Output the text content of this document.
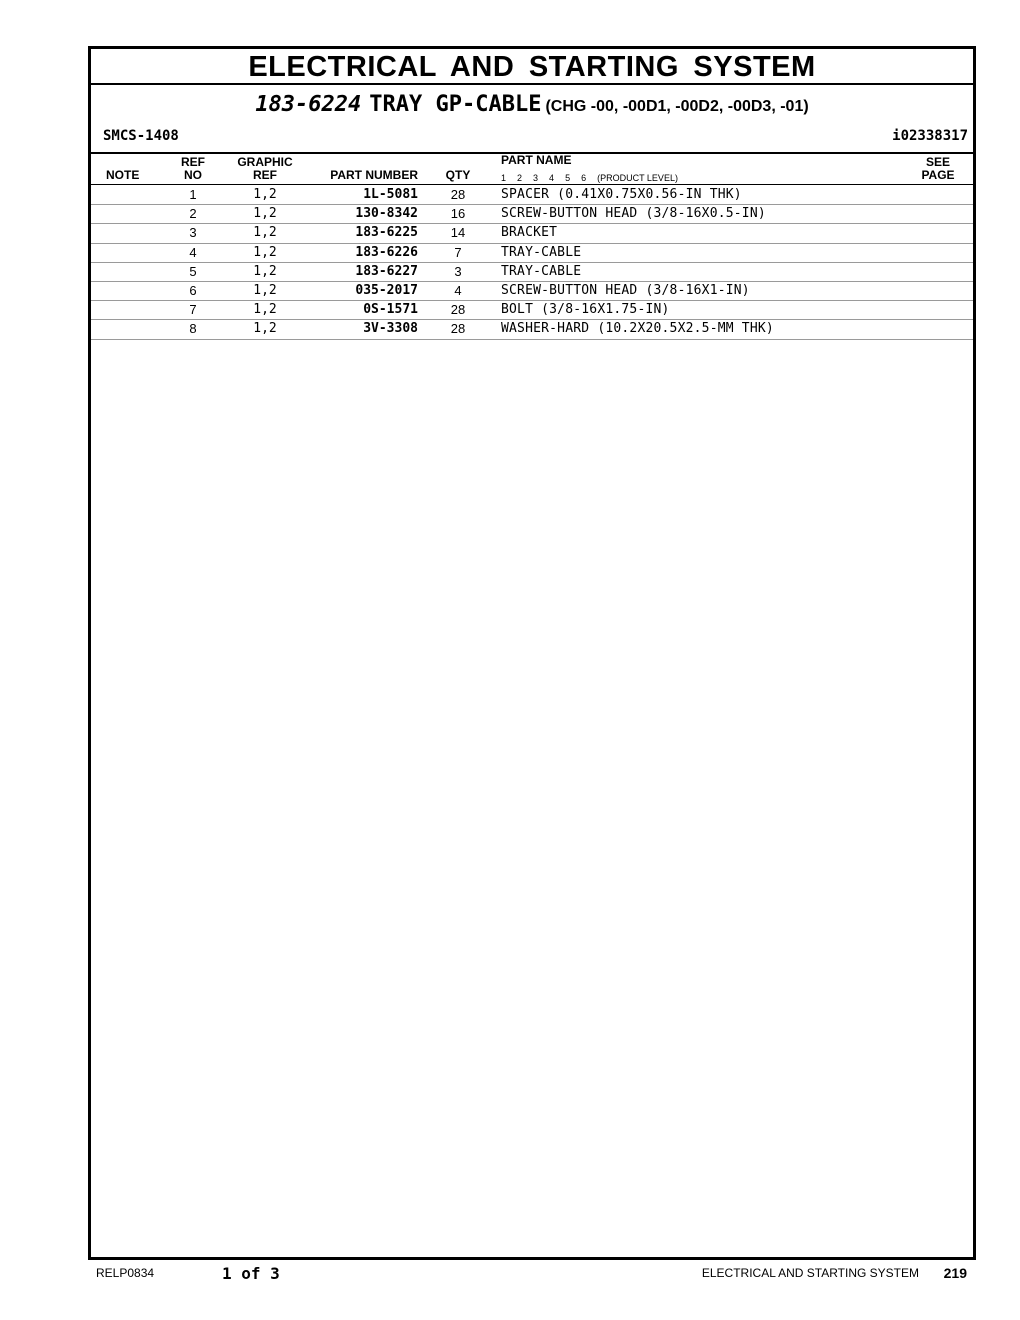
ELECTRICAL AND STARTING SYSTEM
183-6224 TRAY GP-CABLE (CHG -00, -00D1, -00D2, -00D3, -01)
SMCS-1408	i02338317
NOTE
REF
NO
GRAPHIC
REF	PART NUMBER	QTY
PART NAME
1 2 3 4 5 6 (PRODUCT LEVEL)
SEE
PAGE
1	1,2	1L-5081	28	SPACER (0.41X0.75X0.56-IN THK)
2	1,2	130-8342	16	SCREW-BUTTON HEAD (3/8-16X0.5-IN)
3	1,2	183-6225	14	BRACKET
4	1,2	183-6226	7	TRAY-CABLE
5	1,2	183-6227	3	TRAY-CABLE
6	1,2	035-2017	4	SCREW-BUTTON HEAD (3/8-16X1-IN)
7	1,2	0S-1571	28	BOLT (3/8-16X1.75-IN)
8	1,2	3V-3308	28	WASHER-HARD (10.2X20.5X2.5-MM THK)
RELP0834	1 of 3	ELECTRICAL AND STARTING SYSTEM 219
